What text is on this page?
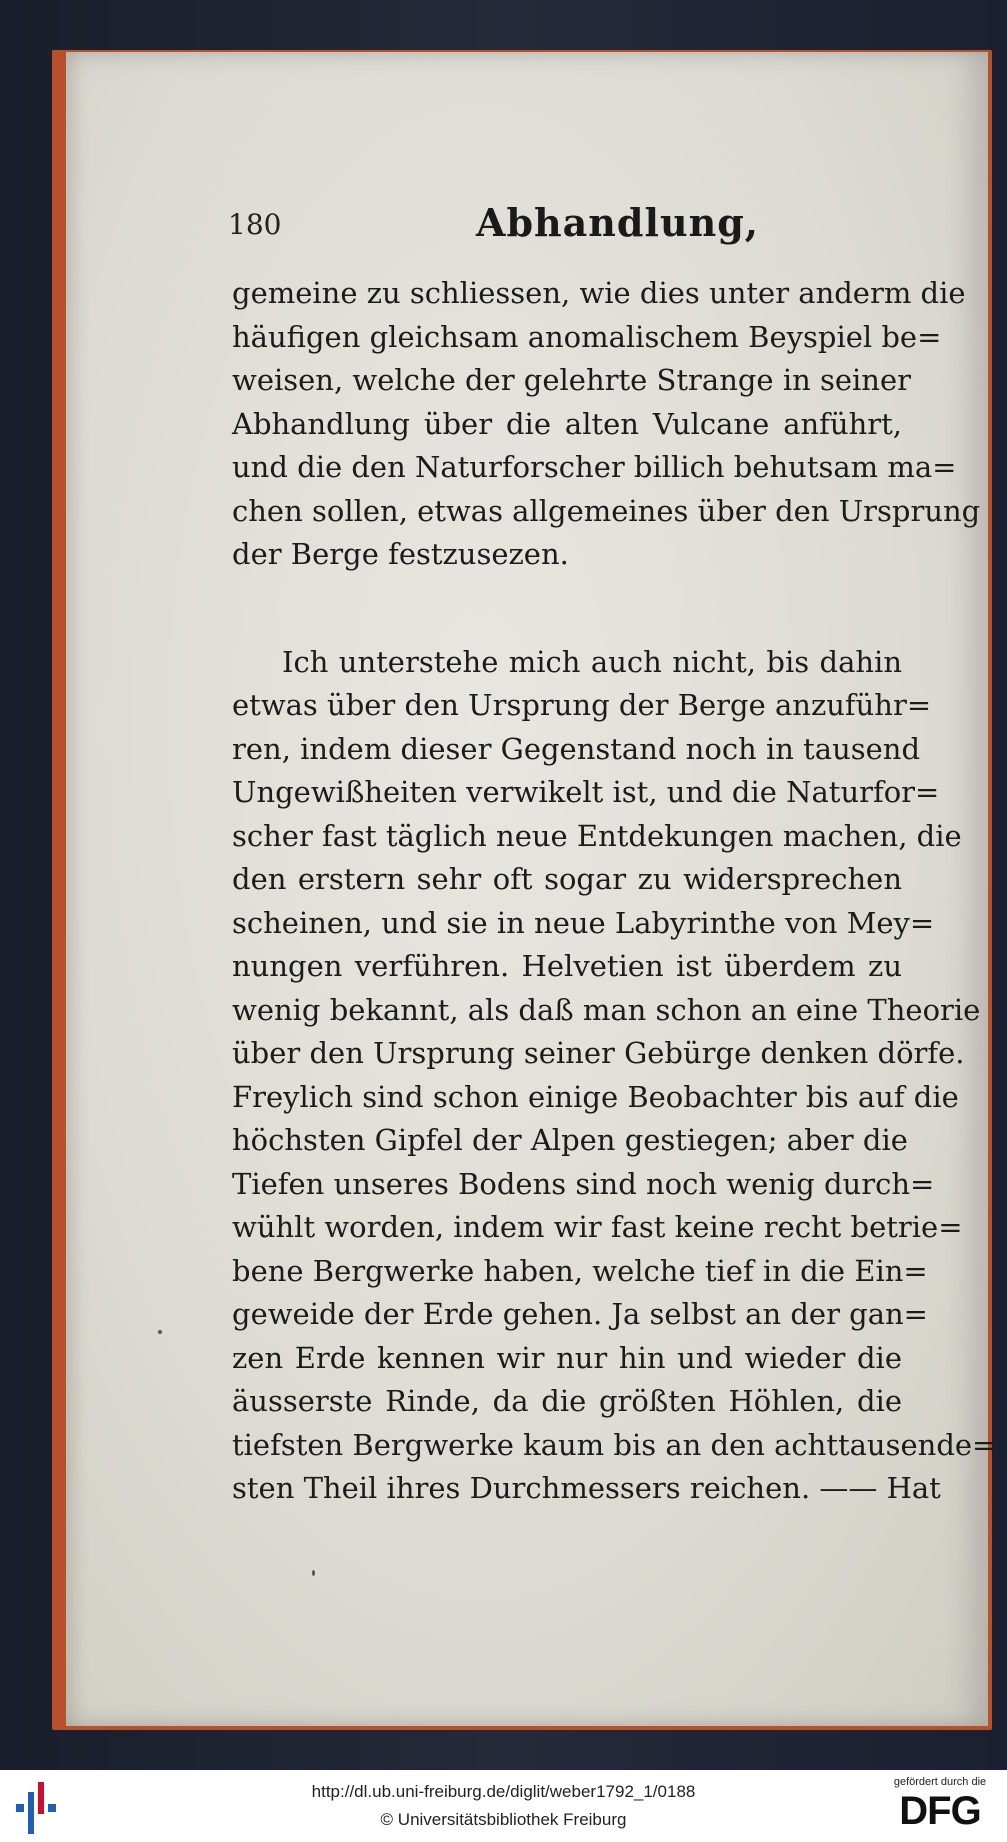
180	Abhandlung,
gemeine zu schliessen, wie dies unter anderm die
häufigen gleichsam anomalischem Beyspiel be=
weisen, welche der gelehrte Strange in seiner
Abhandlung über die alten Vulcane anführt,
und die den Naturforscher billich behutsam ma=
chen sollen, etwas allgemeines über den Ursprung
der Berge festzusezen.
Ich unterstehe mich auch nicht, bis dahin
etwas über den Ursprung der Berge anzuführ=
ren, indem dieser Gegenstand noch in tausend
Ungewißheiten verwikelt ist, und die Naturfor=
scher fast täglich neue Entdekungen machen, die
den erstern sehr oft sogar zu widersprechen
scheinen, und sie in neue Labyrinthe von Mey=
nungen verführen. Helvetien ist überdem zu
wenig bekannt, als daß man schon an eine Theorie
über den Ursprung seiner Gebürge denken dörfe.
Freylich sind schon einige Beobachter bis auf die
höchsten Gipfel der Alpen gestiegen; aber die
Tiefen unseres Bodens sind noch wenig durch=
wühlt worden, indem wir fast keine recht betrie=
bene Bergwerke haben, welche tief in die Ein=
geweide der Erde gehen. Ja selbst an der gan=
zen Erde kennen wir nur hin und wieder die
äusserste Rinde, da die größten Höhlen, die
tiefsten Bergwerke kaum bis an den achttausende=
sten Theil ihres Durchmessers reichen. —— Hat
http://dl.ub.uni-freiburg.de/diglit/weber1792_1/0188
© Universitätsbibliothek Freiburg
gefördert durch die
DFG
